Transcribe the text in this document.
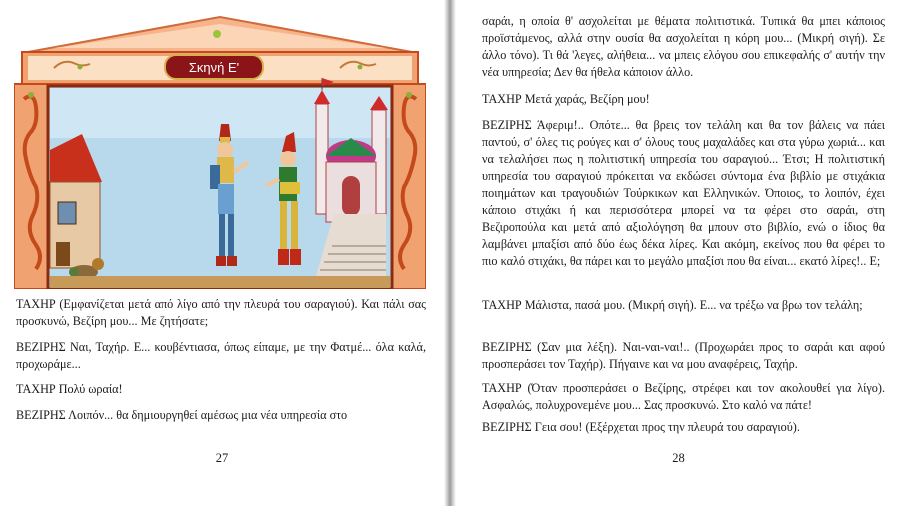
Σκηνή Ε'
ΤΑΧΗΡ (Εμφανίζεται μετά από λίγο από την πλευρά του σαραγιού). Και πάλι σας προσκυνώ, Βεζίρη μου... Με ζητήσατε;
ΒΕΖΙΡΗΣ Ναι, Ταχήρ. Ε... κουβέντιασα, όπως είπαμε, με την Φατμέ... όλα καλά, προχωράμε...
ΤΑΧΗΡ Πολύ ωραία!
ΒΕΖΙΡΗΣ Λοιπόν... θα δημιουργηθεί αμέσως μια νέα υπηρεσία στο
27
σαράι, η οποία θ' ασχολείται με θέματα πολιτιστικά. Τυπικά θα μπει κάποιος προϊστάμενος, αλλά στην ουσία θα ασχολείται η κόρη μου... (Μικρή σιγή). Σε άλλο τόνο). Τι θά 'λεγες, αλήθεια... να μπεις ελόγου σου επικεφαλής σ' αυτήν την νέα υπηρεσία; Δεν θα ήθελα κάποιον άλλο.
ΤΑΧΗΡ Μετά χαράς, Βεζίρη μου!
ΒΕΖΙΡΗΣ Άφεριμ!.. Οπότε... θα βρεις τον τελάλη και θα τον βάλεις να πάει παντού, σ' όλες τις ρούγες και σ' όλους τους μαχαλάδες και στα γύρω χωριά... και να τελαλήσει πως η πολιτιστική υπηρεσία του σαραγιού... Έτσι; Η πολιτιστική υπηρεσία του σαραγιού πρόκειται να εκδώσει σύντομα ένα βιβλίο με στιχάκια ποιημάτων και τραγουδιών Τούρκικων και Ελληνικών. Όποιος, το λοιπόν, έχει κάποιο στιχάκι ή και περισσότερα μπορεί να τα φέρει στο σαράι, στη Βεζιροπούλα και μετά από αξιολόγηση θα μπουν στο βιβλίο, ενώ ο ίδιος θα λαμβάνει μπαξίσι από δύο έως δέκα λίρες. Και ακόμη, εκείνος που θα φέρει το πιο καλό στιχάκι, θα πάρει και το μεγάλο μπαξίσι που θα είναι... εκατό λίρες!.. Ε;
ΤΑΧΗΡ Μάλιστα, πασά μου. (Μικρή σιγή). Ε... να τρέξω να βρω τον τελάλη;
ΒΕΖΙΡΗΣ (Σαν μια λέξη). Ναι-ναι-ναι!.. (Προχωράει προς το σαράι και αφού προσπεράσει τον Ταχήρ). Πήγαινε και να μου αναφέρεις, Ταχήρ.
ΤΑΧΗΡ (Όταν προσπεράσει ο Βεζίρης, στρέφει και τον ακολουθεί για λίγο). Ασφαλώς, πολυχρονεμένε μου... Σας προσκυνώ. Στο καλό να πάτε!
ΒΕΖΙΡΗΣ Γεια σου! (Εξέρχεται προς την πλευρά του σαραγιού).
28
